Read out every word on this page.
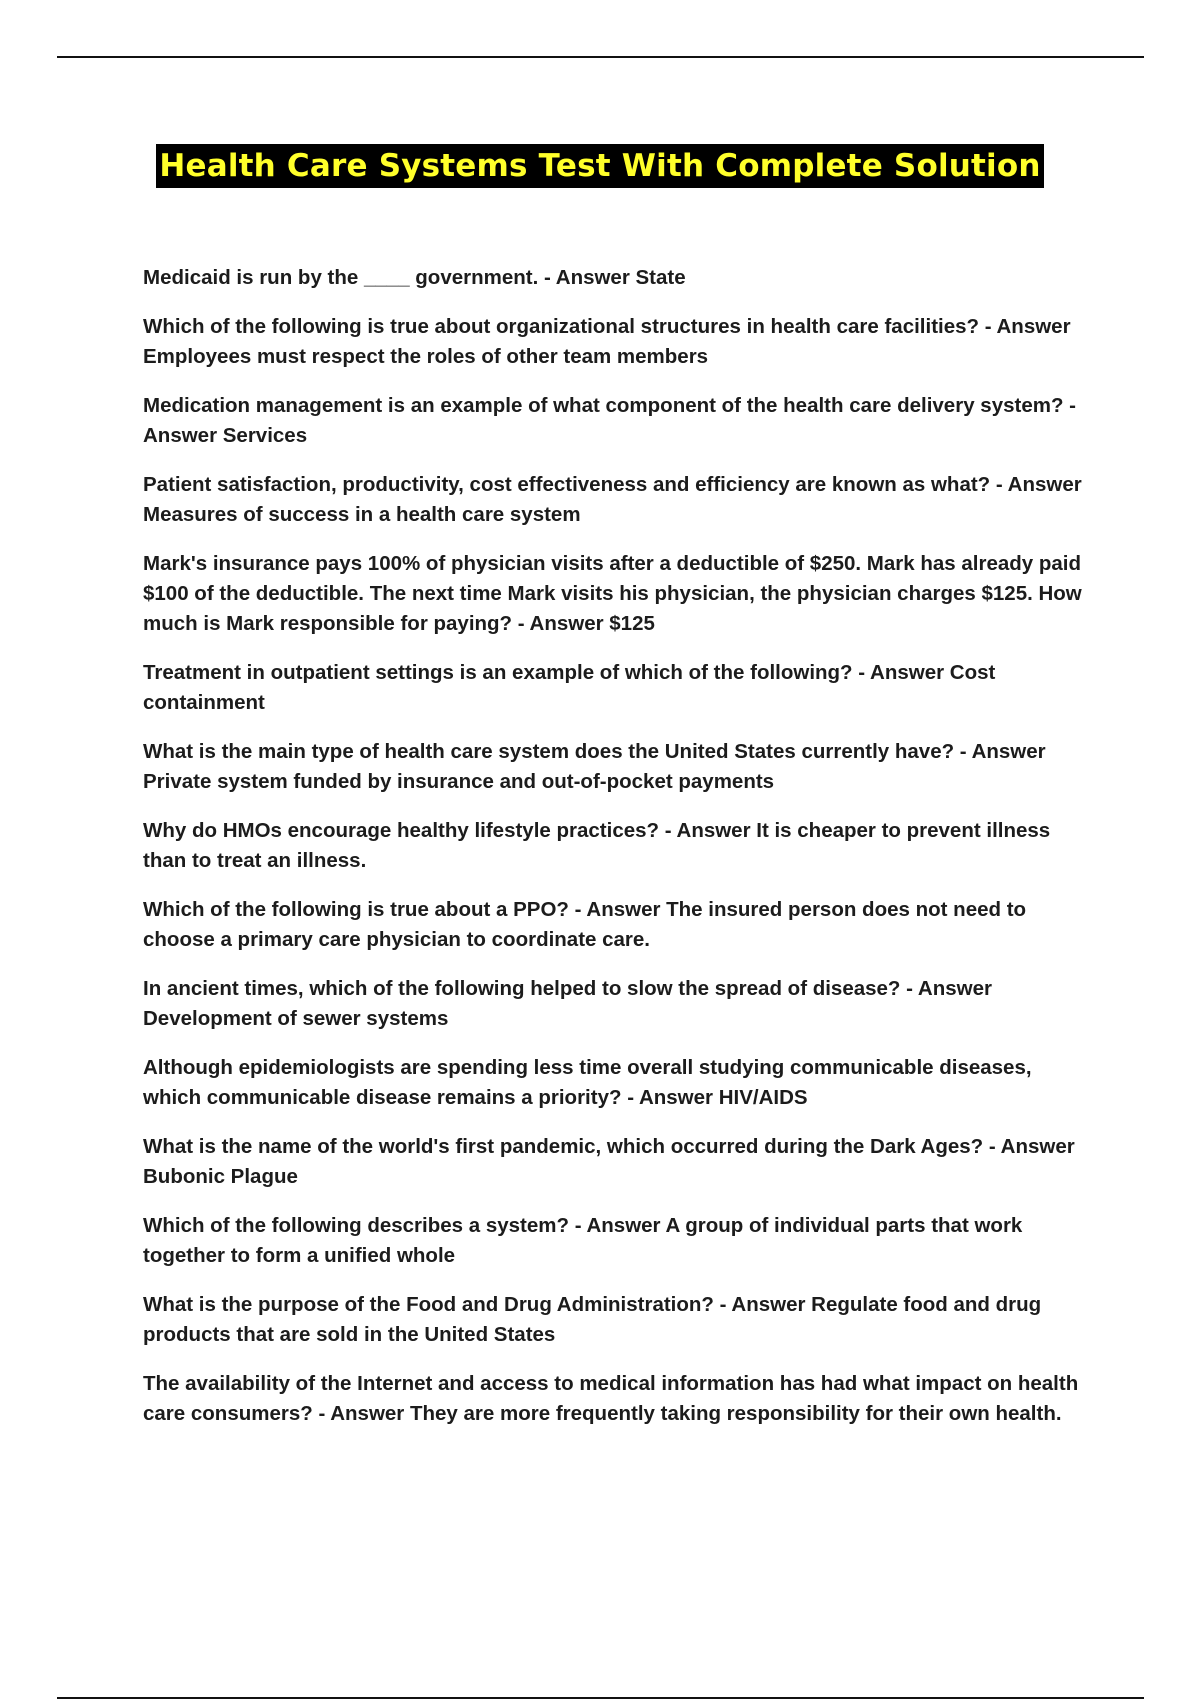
Health Care Systems Test With Complete Solution
Medicaid is run by the ____ government. - Answer State
Which of the following is true about organizational structures in health care facilities? - Answer Employees must respect the roles of other team members
Medication management is an example of what component of the health care delivery system? - Answer Services
Patient satisfaction, productivity, cost effectiveness and efficiency are known as what? - Answer Measures of success in a health care system
Mark's insurance pays 100% of physician visits after a deductible of $250. Mark has already paid $100 of the deductible. The next time Mark visits his physician, the physician charges $125. How much is Mark responsible for paying? - Answer $125
Treatment in outpatient settings is an example of which of the following? - Answer Cost containment
What is the main type of health care system does the United States currently have? - Answer Private system funded by insurance and out-of-pocket payments
Why do HMOs encourage healthy lifestyle practices? - Answer It is cheaper to prevent illness than to treat an illness.
Which of the following is true about a PPO? - Answer The insured person does not need to choose a primary care physician to coordinate care.
In ancient times, which of the following helped to slow the spread of disease? - Answer Development of sewer systems
Although epidemiologists are spending less time overall studying communicable diseases, which communicable disease remains a priority? - Answer HIV/AIDS
What is the name of the world's first pandemic, which occurred during the Dark Ages? - Answer Bubonic Plague
Which of the following describes a system? - Answer A group of individual parts that work together to form a unified whole
What is the purpose of the Food and Drug Administration? - Answer Regulate food and drug products that are sold in the United States
The availability of the Internet and access to medical information has had what impact on health care consumers? - Answer They are more frequently taking responsibility for their own health.
